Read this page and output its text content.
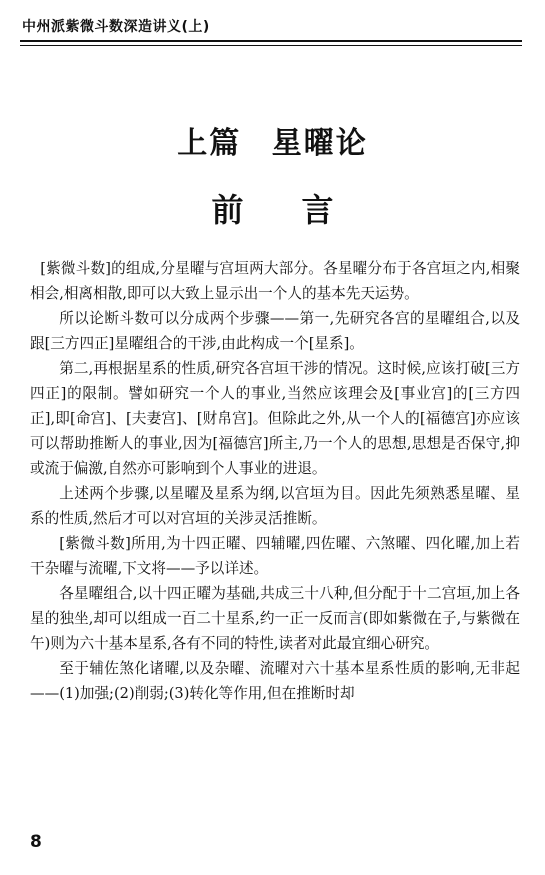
中州派紫微斗数深造讲义(上)
上篇 星曜论
前言

[紫微斗数]的组成,分星曜与宫垣两大部分。各星曜分布于各宫垣之内,相聚相会,相离相散,即可以大致上显示出一个人的基本先天运势。

所以论断斗数可以分成两个步骤——第一,先研究各宫的星曜组合,以及跟[三方四正]星曜组合的干涉,由此构成一个[星系]。

第二,再根据星系的性质,研究各宫垣干涉的情况。这时候,应该打破[三方四正]的限制。譬如研究一个人的事业,当然应该理会及[事业宫]的[三方四正],即[命宫]、[夫妻宫]、[财帛宫]。但除此之外,从一个人的[福德宫]亦应该可以帮助推断人的事业,因为[福德宫]所主,乃一个人的思想,思想是否保守,抑或流于偏激,自然亦可影响到个人事业的进退。

上述两个步骤,以星曜及星系为纲,以宫垣为目。因此先须熟悉星曜、星系的性质,然后才可以对宫垣的关涉灵活推断。

[紫微斗数]所用,为十四正曜、四辅曜,四佐曜、六煞曜、四化曜,加上若干杂曜与流曜,下文将——予以详述。

各星曜组合,以十四正曜为基础,共成三十八种,但分配于十二宫垣,加上各星的独坐,却可以组成一百二十星系,约一正一反而言(即如紫微在子,与紫微在午)则为六十基本星系,各有不同的特性,读者对此最宜细心研究。

至于辅佐煞化诸曜,以及杂曜、流曜对六十基本星系性质的影响,无非起——(1)加强;(2)削弱;(3)转化等作用,但在推断时却

8
